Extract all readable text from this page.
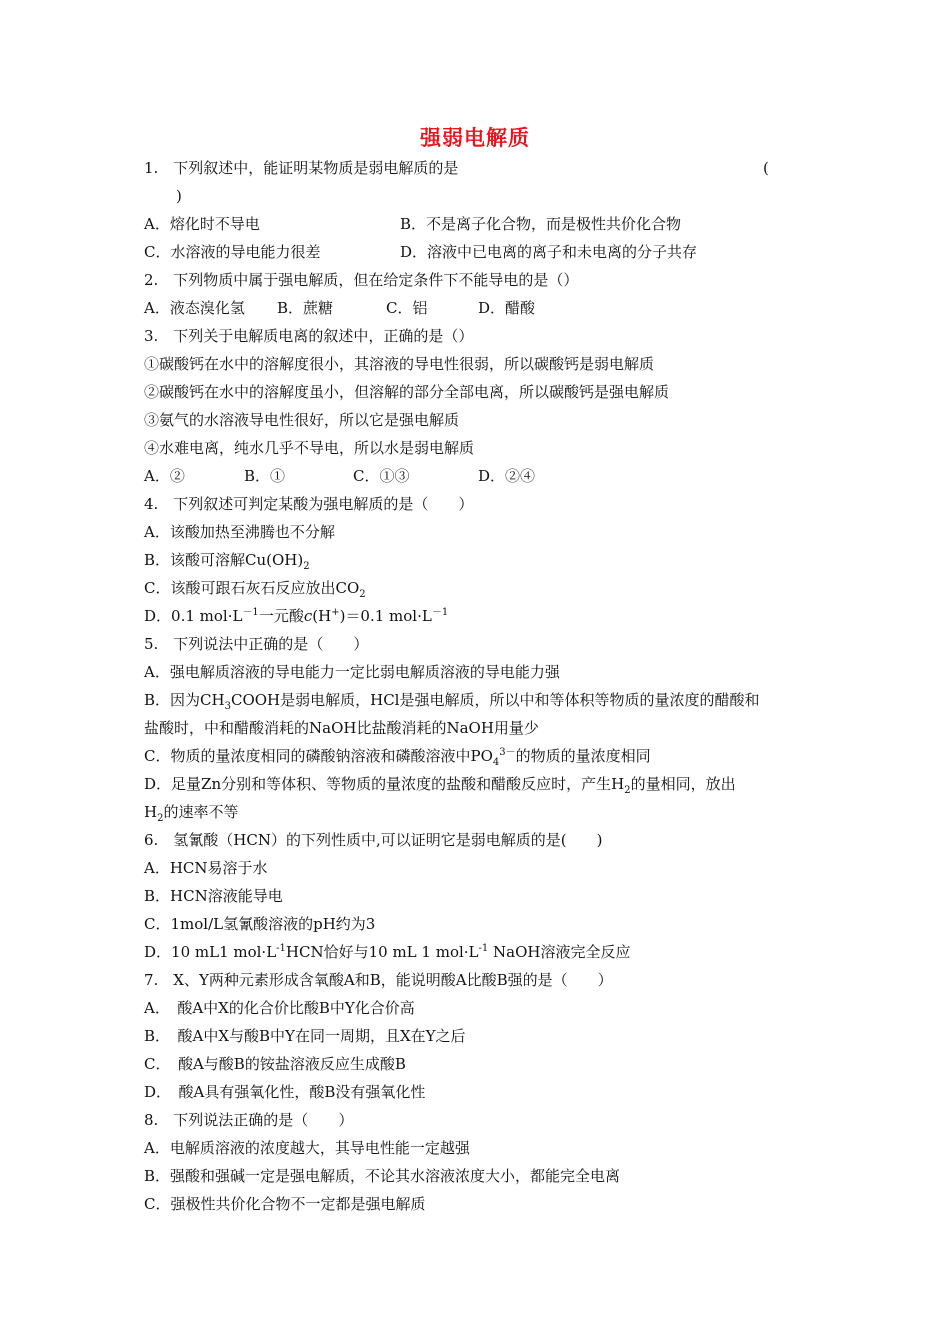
强弱电解质
1.　下列叙述中，能证明某物质是弱电解质的是	(
)
A．熔化时不导电	B．不是离子化合物，而是极性共价化合物
C．水溶液的导电能力很差	D．溶液中已电离的离子和未电离的分子共存
2.　下列物质中属于强电解质，但在给定条件下不能导电的是（）
A．液态溴化氢 B．蔗糖	C．铝	D．醋酸
3.　下列关于电解质电离的叙述中，正确的是（）
①碳酸钙在水中的溶解度很小，其溶液的导电性很弱，所以碳酸钙是弱电解质
②碳酸钙在水中的溶解度虽小，但溶解的部分全部电离，所以碳酸钙是强电解质
③氨气的水溶液导电性很好，所以它是强电解质
④水难电离，纯水几乎不导电，所以水是弱电解质
A．②	B．①	C．①③	D．②④
4.　下列叙述可判定某酸为强电解质的是（　　）
A．该酸加热至沸腾也不分解
B．该酸可溶解$Cu(OH)_2$
C．该酸可跟石灰石反应放出$CO_2$
D．0.1 $mol\cdot L^{-1}$一元酸c(H+)＝0.1 $mol\cdot L^{-1}$
5.　下列说法中正确的是（　　）
A．强电解质溶液的导电能力一定比弱电解质溶液的导电能力强
B．因为$CH_3COOH$是弱电解质，HCl是强电解质，所以中和等体积等物质的量浓度的醋酸和
盐酸时，中和醋酸消耗的NaOH比盐酸消耗的NaOH用量少
C．物质的量浓度相同的磷酸钠溶液和磷酸溶液中$PO_4^{3-}$的物质的量浓度相同
D．足量Zn分别和等体积、等物质的量浓度的盐酸和醋酸反应时，产生$H_2$的量相同，放出
$H_2$的速率不等
6.　氢氰酸（HCN）的下列性质中,可以证明它是弱电解质的是(　　)
A．HCN易溶于水
B．HCN溶液能导电
C．1mol/L氢氰酸溶液的pH约为3
D．10 mL1 $mol\cdot L^{-1}HCN$恰好与10 mL 1 $mol\cdot L^{-1}$ NaOH溶液完全反应
7.　X、Y两种元素形成含氧酸A和B，能说明酸A比酸B强的是（　　）
A．　酸A中X的化合价比酸B中Y化合价高
B．　酸A中X与酸B中Y在同一周期，且X在Y之后
C．　酸A与酸B的铵盐溶液反应生成酸B
D．　酸A具有强氧化性，酸B没有强氧化性
8.　下列说法正确的是（　　）
A．电解质溶液的浓度越大，其导电性能一定越强
B．强酸和强碱一定是强电解质，不论其水溶液浓度大小，都能完全电离
C．强极性共价化合物不一定都是强电解质
